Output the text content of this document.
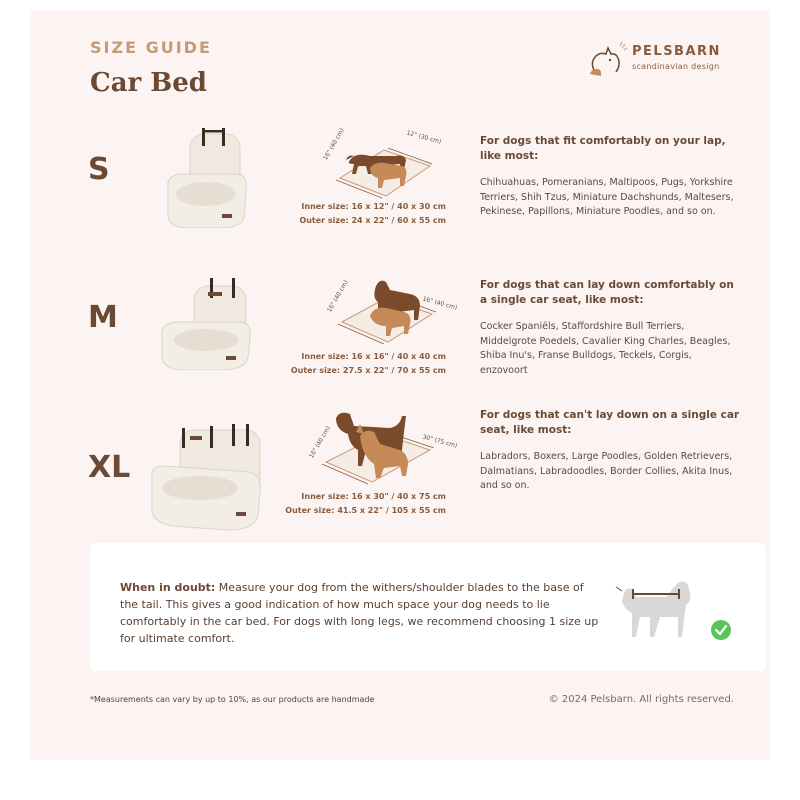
SIZE GUIDE
Car Bed
PELSBARN
scandinavian design
S
16" (40 cm)	12" (30 cm)
Inner size: 16 x 12" / 40 x 30 cm
Outer size: 24 x 22" / 60 x 55 cm
For dogs that fit comfortably on your lap, like most:
Chihuahuas, Pomeranians, Maltipoos, Pugs, Yorkshire Terriers, Shih Tzus, Miniature Dachshunds, Maltesers, Pekinese, Papillons, Miniature Poodles, and so on.
M
16" (40 cm)	16" (40 cm)
Inner size: 16 x 16" / 40 x 40 cm
Outer size: 27.5 x 22" / 70 x 55 cm
For dogs that can lay down comfortably on a single car seat, like most:
Cocker Spaniëls, Staffordshire Bull Terriers, Middelgrote Poedels, Cavalier King Charles, Beagles, Shiba Inu's, Franse Bulldogs, Teckels, Corgis, enzovoort
XL
16" (40 cm)	30" (75 cm)
Inner size: 16 x 30" / 40 x 75 cm
Outer size: 41.5 x 22" / 105 x 55 cm
For dogs that can't lay down on a single car seat, like most:
Labradors, Boxers, Large Poodles, Golden Retrievers, Dalmatians, Labradoodles, Border Collies, Akita Inus, and so on.
When in doubt: Measure your dog from the withers/shoulder blades to the base of the tail. This gives a good indication of how much space your dog needs to lie comfortably in the car bed. For dogs with long legs, we recommend choosing 1 size up for ultimate comfort.
*Measurements can vary by up to 10%, as our products are handmade	© 2024 Pelsbarn. All rights reserved.
